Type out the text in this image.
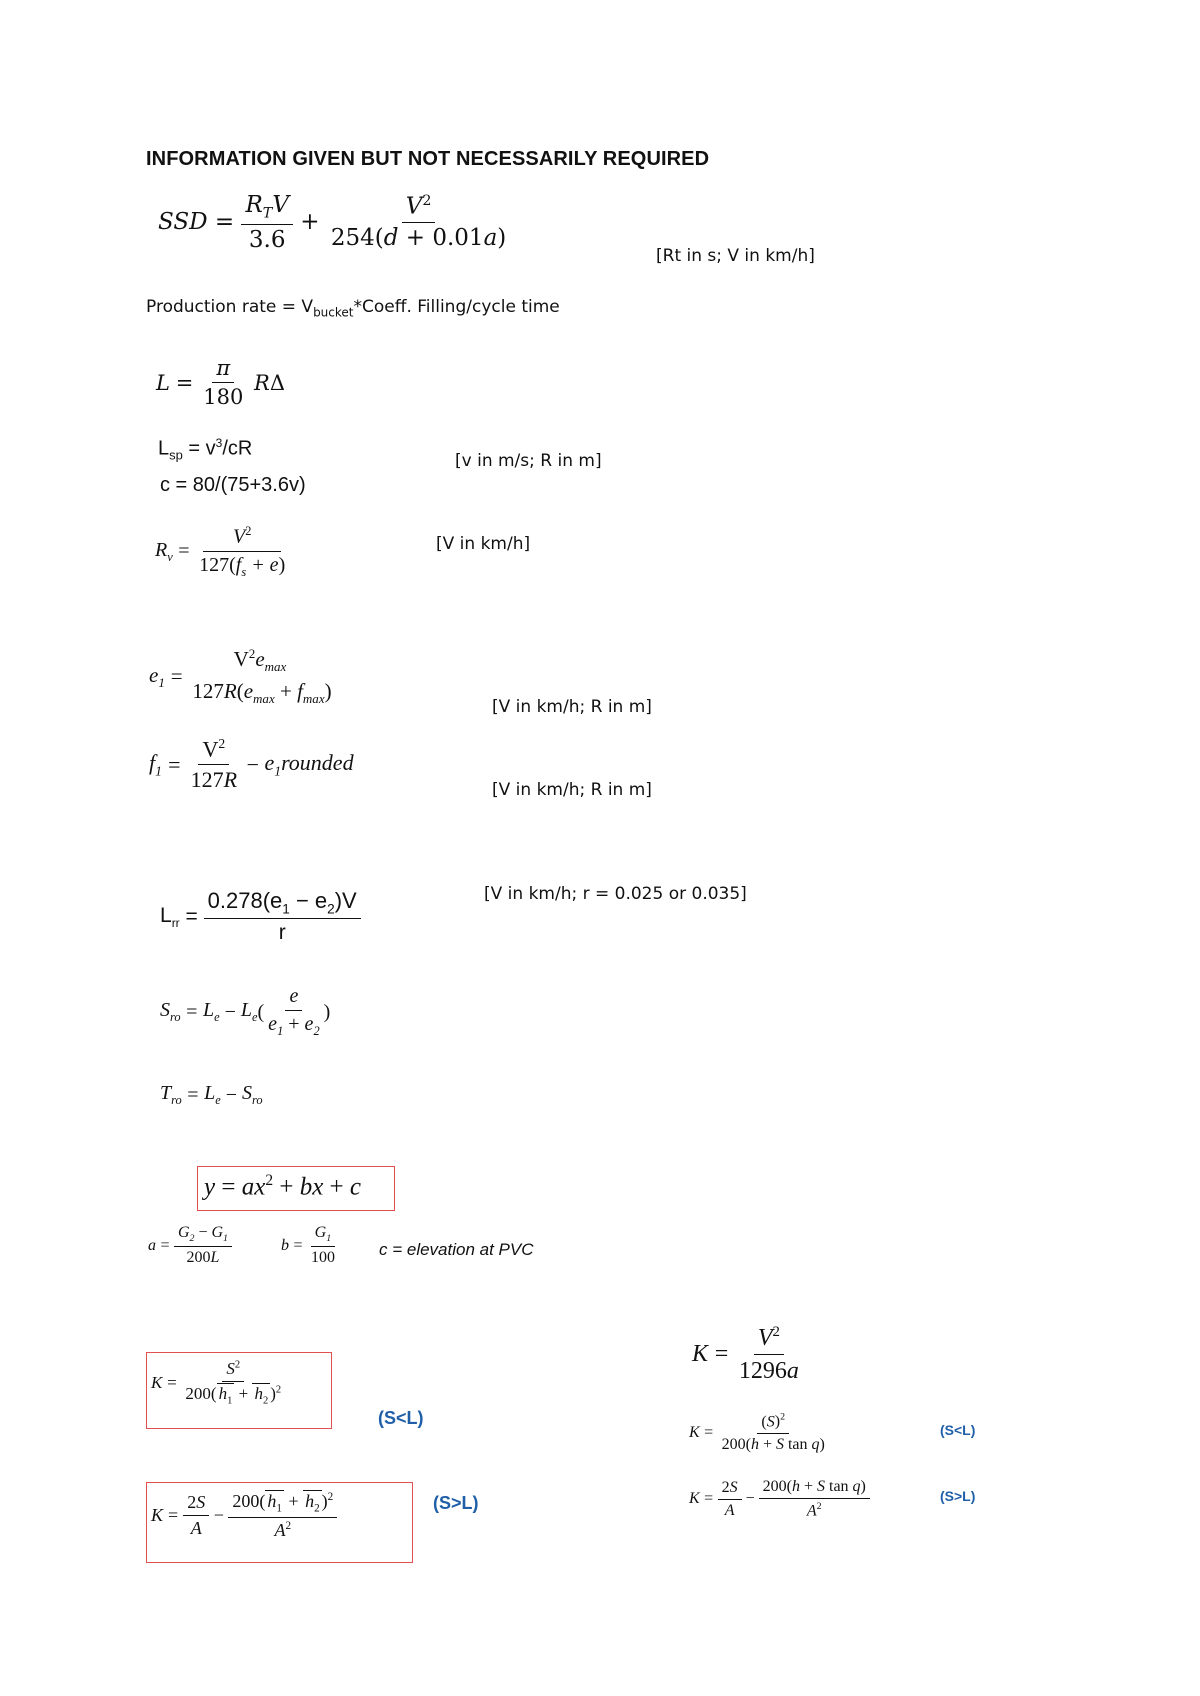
INFORMATION GIVEN BUT NOT NECESSARILY REQUIRED
SSD = $\frac{R_TV}{3.6} + \frac{V^2}{254(d + 0.01a)}$
[Rt in s; V in km/h]
Production rate = $V_{bucket}*Coeff$. Filling/cycle time
L
=
$\frac{\pi}{180}$ R Δ
$L_{sp} = v^3/cR$
c = 80/(75+3.6v)
[v in m/s; R in m]
$R_v$
=
$\frac{V^2}{127(f_s + e)}$	[V in km/h]
$e_1$
=

$V^2e_{max}$
$127R(e_{max} + f_{max})$
[V in km/h; R in m]
$f_1$
=
$\frac{V^2}{127R}$ − $e_1rounded$
[V in km/h; R in m]
$L_{rr}$
=
$\frac{0.278(e_1 - e_2)V}{r}$	[V in km/h; r = 0.025 or 0.035]
$S_{ro}$
=
$L_e - L_e$ ( $\frac{e}{e_1 + e_2}$ )
$T_{ro}$
=
$L_e - S_{ro}$
$y = ax^2$ + bx + c
a
=
$\frac{G_2 - G_1}{200L}$	b
=
$\frac{G_1}{100}$ c = elevation at PVC
K
=
$\frac{S^2}{200( h_1 + h_2 )^2}$
(S<L)
K
=
$\frac{2S}{A} - \frac{200( h_1 + h_2 )^2}{A^2}$	(S>L)
K
=
$\frac{V^2}{1296a}$
K
=
$\frac{(S)^2}{\text{200(h + S tan q)}}$	(S<L)
K
=
$\frac{2S}{A} - \frac{\text{200(h + S tan q)}}{A^2}$	(S>L)
